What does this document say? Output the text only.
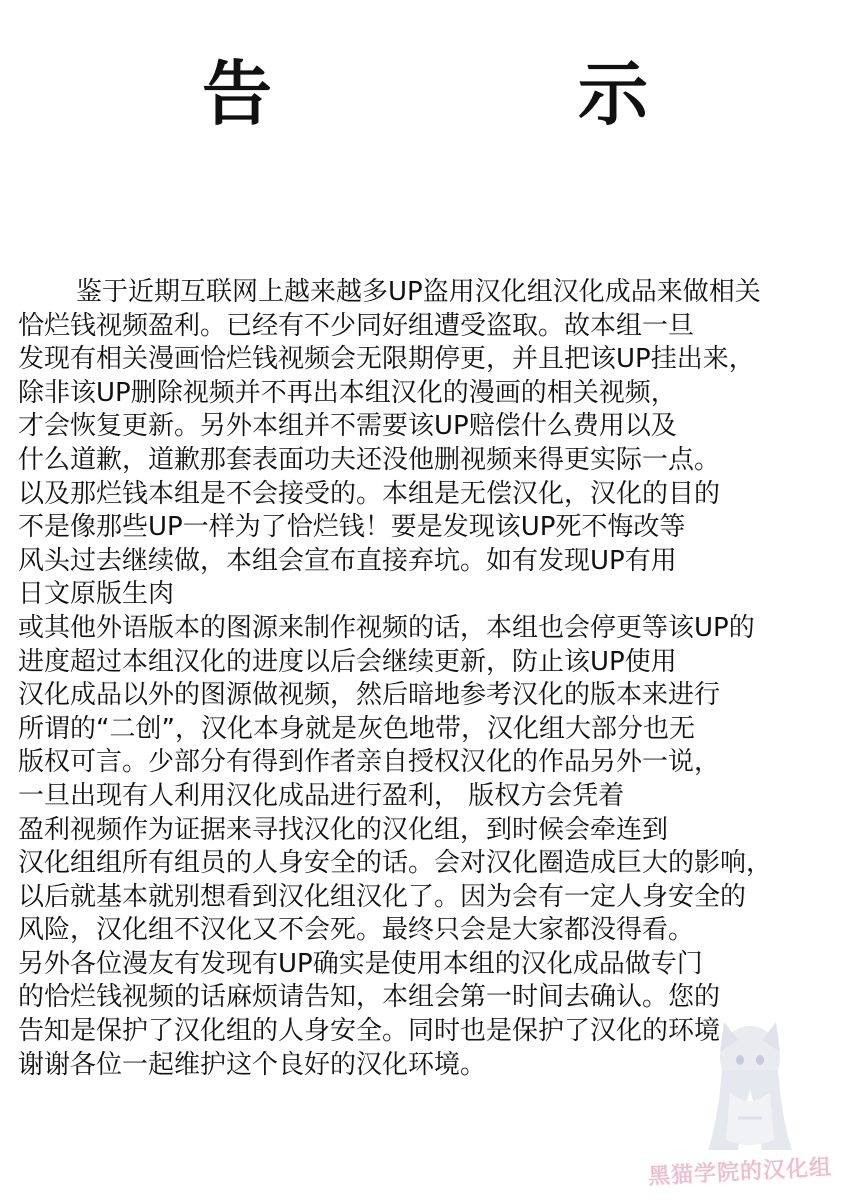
告　示
鉴于近期互联网上越来越多UP盗用汉化组汉化成品来做相关
恰烂钱视频盈利。已经有不少同好组遭受盗取。故本组一旦
发现有相关漫画恰烂钱视频会无限期停更，并且把该UP挂出来，
除非该UP删除视频并不再出本组汉化的漫画的相关视频，
才会恢复更新。另外本组并不需要该UP赔偿什么费用以及
什么道歉，道歉那套表面功夫还没他删视频来得更实际一点。
以及那烂钱本组是不会接受的。本组是无偿汉化，汉化的目的
不是像那些UP一样为了恰烂钱！要是发现该UP死不悔改等
风头过去继续做，本组会宣布直接弃坑。如有发现UP有用
日文原版生肉
或其他外语版本的图源来制作视频的话，本组也会停更等该UP的
进度超过本组汉化的进度以后会继续更新，防止该UP使用
汉化成品以外的图源做视频，然后暗地参考汉化的版本来进行
所谓的“二创”，汉化本身就是灰色地带，汉化组大部分也无
版权可言。少部分有得到作者亲自授权汉化的作品另外一说，
一旦出现有人利用汉化成品进行盈利， 版权方会凭着
盈利视频作为证据来寻找汉化的汉化组，到时候会牵连到
汉化组组所有组员的人身安全的话。会对汉化圈造成巨大的影响，
以后就基本就别想看到汉化组汉化了。因为会有一定人身安全的
风险，汉化组不汉化又不会死。最终只会是大家都没得看。
另外各位漫友有发现有UP确实是使用本组的汉化成品做专门
的恰烂钱视频的话麻烦请告知，本组会第一时间去确认。您的
告知是保护了汉化组的人身安全。同时也是保护了汉化的环境
谢谢各位一起维护这个良好的汉化环境。
黑猫学院的汉化组
